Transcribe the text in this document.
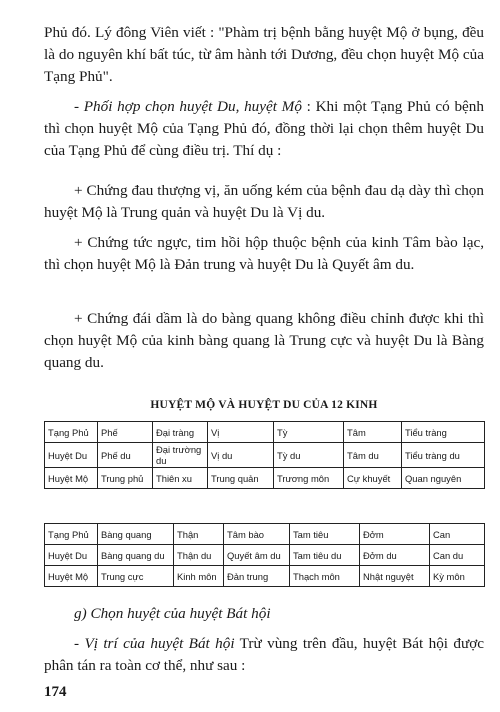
Phủ đó. Lý đông Viên viết : "Phàm trị bệnh bằng huyệt Mộ ở bụng, đều là do nguyên khí bất túc, từ âm hành tới Dương, đều chọn huyệt Mộ của Tạng Phủ".

- Phối hợp chọn huyệt Du, huyệt Mộ : Khi một Tạng Phủ có bệnh thì chọn huyệt Mộ của Tạng Phủ đó, đồng thời lại chọn thêm huyệt Du của Tạng Phủ để cùng điều trị. Thí dụ :

+ Chứng đau thượng vị, ăn uống kém của bệnh đau dạ dày thì chọn huyệt Mộ là Trung quản và huyệt Du là Vị du.

+ Chứng tức ngực, tim hồi hộp thuộc bệnh của kinh Tâm bào lạc, thì chọn huyệt Mộ là Đản trung và huyệt Du là Quyết âm du.

+ Chứng đái dầm là do bàng quang không điều chỉnh được khi thì chọn huyệt Mộ của kinh bàng quang là Trung cực và huyệt Du là Bàng quang du.

HUYỆT MỘ VÀ HUYỆT DU CỦA 12 KINH
Tạng Phủ	Phế	Đại tràng	Vị	Tỳ	Tâm	Tiểu tràng
Huyệt Du	Phế du	Đại trường du	Vị du	Tỳ du	Tâm du	Tiểu tràng du
Huyệt Mộ	Trung phủ	Thiên xu	Trung quản	Trương môn	Cự khuyết	Quan nguyên
Tạng Phủ	Bàng quang	Thận	Tâm bào	Tam tiêu	Đởm	Can
Huyệt Du	Bàng quang du	Thận du	Quyết âm du	Tam tiêu du	Đởm du	Can du
Huyệt Mộ	Trung cực	Kinh môn	Đản trung	Thạch môn	Nhật nguyệt	Kỳ môn
g) Chọn huyệt của huyệt Bát hội

- Vị trí của huyệt Bát hội Trừ vùng trên đầu, huyệt Bát hội được phân tán ra toàn cơ thể, như sau :

174
